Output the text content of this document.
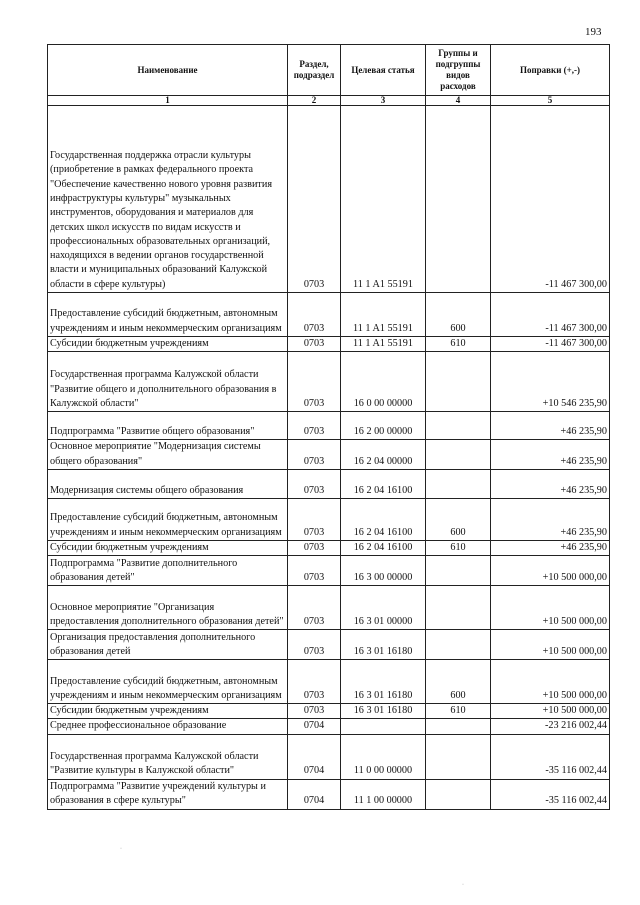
193
Наименование	Раздел, подраздел	Целевая статья	Группы и подгруппы видов расходов	Поправки (+,-)
1	2	3	4	5
Государственная поддержка отрасли культуры (приобретение в рамках федерального проекта "Обеспечение качественно нового уровня развития инфраструктуры культуры" музыкальных инструментов, оборудования и материалов для детских школ искусств по видам искусств и профессиональных образовательных организаций, находящихся в ведении органов государственной власти и муниципальных образований Калужской области в сфере культуры)	0703	11 1 A1 55191		-11 467 300,00
Предоставление субсидий бюджетным, автономным учреждениям и иным некоммерческим организациям	0703	11 1 A1 55191	600	-11 467 300,00
Субсидии бюджетным учреждениям	0703	11 1 A1 55191	610	-11 467 300,00
Государственная программа Калужской области "Развитие общего и дополнительного образования в Калужской области"	0703	16 0 00 00000		+10 546 235,90
Подпрограмма "Развитие общего образования"	0703	16 2 00 00000		+46 235,90
Основное мероприятие "Модернизация системы общего образования"	0703	16 2 04 00000		+46 235,90
Модернизация системы общего образования	0703	16 2 04 16100		+46 235,90
Предоставление субсидий бюджетным, автономным учреждениям и иным некоммерческим организациям	0703	16 2 04 16100	600	+46 235,90
Субсидии бюджетным учреждениям	0703	16 2 04 16100	610	+46 235,90
Подпрограмма "Развитие дополнительного образования детей"	0703	16 3 00 00000		+10 500 000,00
Основное мероприятие "Организация предоставления дополнительного образования детей"	0703	16 3 01 00000		+10 500 000,00
Организация предоставления дополнительного образования детей	0703	16 3 01 16180		+10 500 000,00
Предоставление субсидий бюджетным, автономным учреждениям и иным некоммерческим организациям	0703	16 3 01 16180	600	+10 500 000,00
Субсидии бюджетным учреждениям	0703	16 3 01 16180	610	+10 500 000,00
Среднее профессиональное образование	0704			-23 216 002,44
Государственная программа Калужской области "Развитие культуры в Калужской области"	0704	11 0 00 00000		-35 116 002,44
Подпрограмма "Развитие учреждений культуры и образования в сфере культуры"	0704	11 1 00 00000		-35 116 002,44
·
·
